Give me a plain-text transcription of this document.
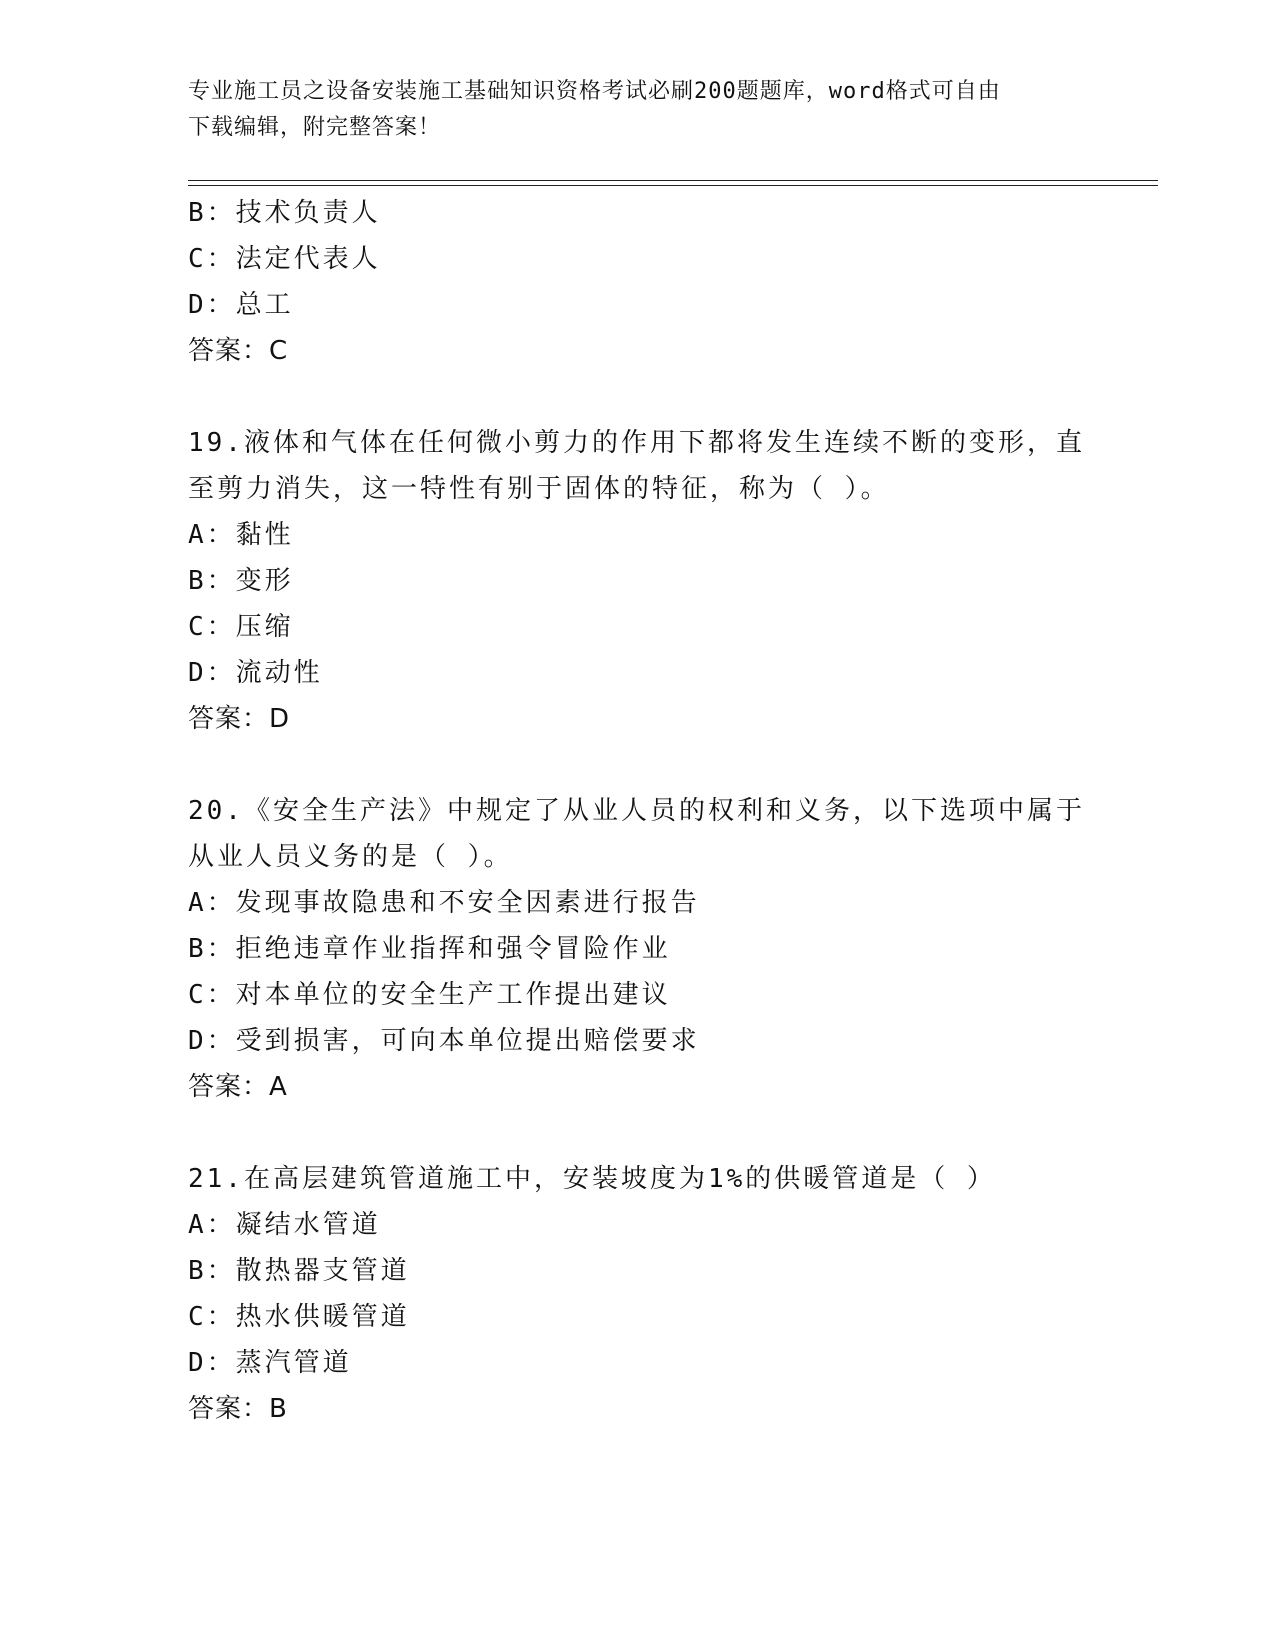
专业施工员之设备安装施工基础知识资格考试必刷200题题库，word格式可自由
下载编辑，附完整答案！
B：技术负责人
C：法定代表人
D：总工
答案：C
19.液体和气体在任何微小剪力的作用下都将发生连续不断的变形，直
至剪力消失，这一特性有别于固体的特征，称为（ ）。
A：黏性
B：变形
C：压缩
D：流动性
答案：D
20.《安全生产法》中规定了从业人员的权利和义务，以下选项中属于
从业人员义务的是（ ）。
A：发现事故隐患和不安全因素进行报告
B：拒绝违章作业指挥和强令冒险作业
C：对本单位的安全生产工作提出建议
D：受到损害，可向本单位提出赔偿要求
答案：A
21.在高层建筑管道施工中，安装坡度为1%的供暖管道是（ ）
A：凝结水管道
B：散热器支管道
C：热水供暖管道
D：蒸汽管道
答案：B
